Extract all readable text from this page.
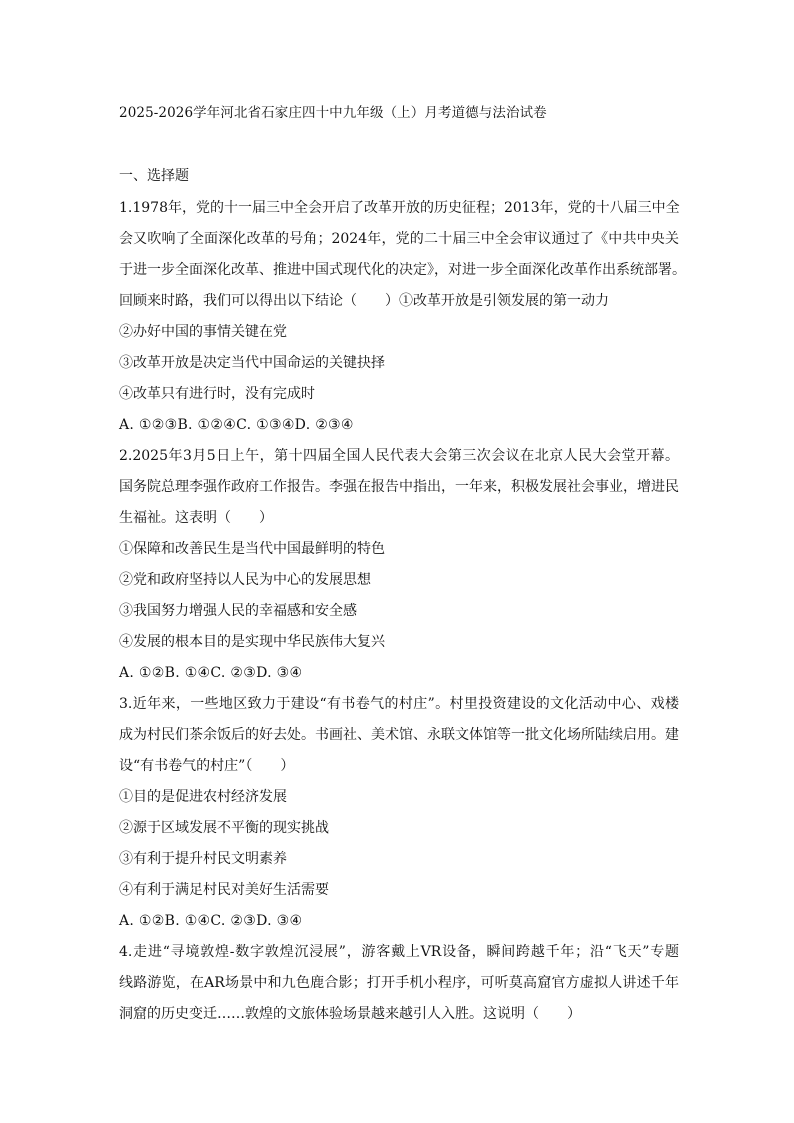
2025-2026学年河北省石家庄四十中九年级（上）月考道德与法治试卷
一、选择题
1.1978年，党的十一届三中全会开启了改革开放的历史征程；2013年，党的十八届三中全
会又吹响了全面深化改革的号角；2024年，党的二十届三中全会审议通过了《中共中央关
于进一步全面深化改革、推进中国式现代化的决定》，对进一步全面深化改革作出系统部署。
回顾来时路，我们可以得出以下结论（　　）①改革开放是引领发展的第一动力
②办好中国的事情关键在党
③改革开放是决定当代中国命运的关键抉择
④改革只有进行时，没有完成时
A. ①②③B. ①②④C. ①③④D. ②③④
2.2025年3月5日上午，第十四届全国人民代表大会第三次会议在北京人民大会堂开幕。
国务院总理李强作政府工作报告。李强在报告中指出，一年来，积极发展社会事业，增进民
生福祉。这表明（　　）
①保障和改善民生是当代中国最鲜明的特色
②党和政府坚持以人民为中心的发展思想
③我国努力增强人民的幸福感和安全感
④发展的根本目的是实现中华民族伟大复兴
A. ①②B. ①④C. ②③D. ③④
3.近年来，一些地区致力于建设“有书卷气的村庄”。村里投资建设的文化活动中心、戏楼
成为村民们茶余饭后的好去处。书画社、美术馆、永联文体馆等一批文化场所陆续启用。建
设“有书卷气的村庄”（　　）
①目的是促进农村经济发展
②源于区域发展不平衡的现实挑战
③有利于提升村民文明素养
④有利于满足村民对美好生活需要
A. ①②B. ①④C. ②③D. ③④
4.走进“寻境敦煌-数字敦煌沉浸展”，游客戴上VR设备，瞬间跨越千年；沿“飞天”专题
线路游览，在AR场景中和九色鹿合影；打开手机小程序，可听莫高窟官方虚拟人讲述千年
洞窟的历史变迁……敦煌的文旅体验场景越来越引人入胜。这说明（　　）
